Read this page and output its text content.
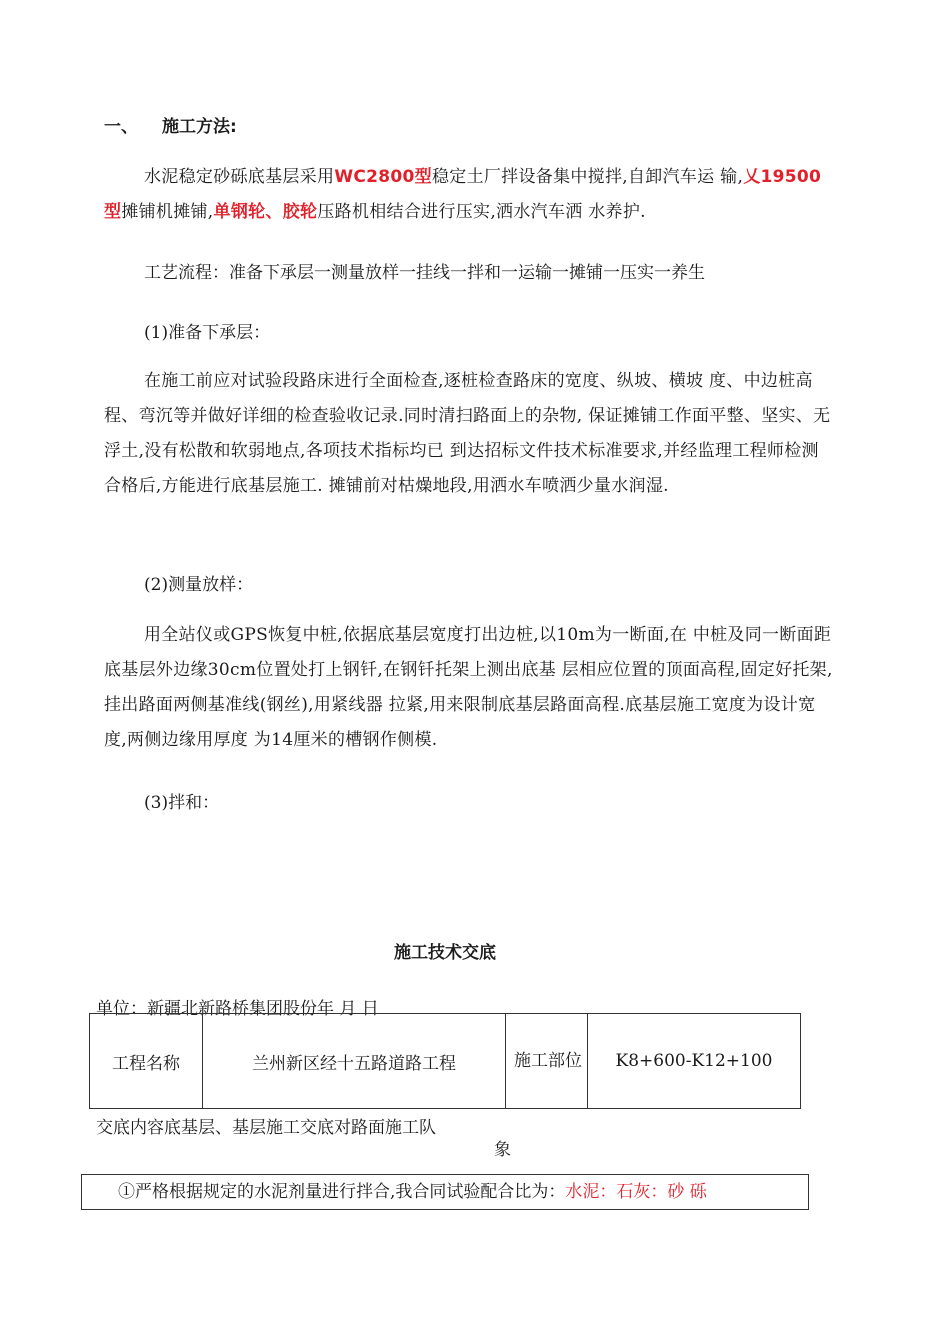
一、 施工方法:
水泥稳定砂砾底基层采用WC2800型稳定土厂拌设备集中搅拌,自卸汽车运 输,乂19500型摊铺机摊铺,单钢轮、胶轮压路机相结合进行压实,洒水汽车洒 水养护.
工艺流程：准备下承层一测量放样一挂线一拌和一运输一摊铺一压实一养生
(1)准备下承层：
在施工前应对试验段路床进行全面检查,逐桩检查路床的宽度、纵坡、横坡 度、中边桩高程、弯沉等并做好详细的检查验收记录.同时清扫路面上的杂物, 保证摊铺工作面平整、坚实、无浮土,没有松散和软弱地点,各项技术指标均已 到达招标文件技术标准要求,并经监理工程师检测合格后,方能进行底基层施工. 摊铺前对枯燥地段,用洒水车喷洒少量水润湿.
(2)测量放样：
用全站仪或GPS恢复中桩,依据底基层宽度打出边桩,以10m为一断面,在 中桩及同一断面距底基层外边缘30cm位置处打上钢钎,在钢钎托架上测出底基 层相应位置的顶面高程,固定好托架,挂出路面两侧基准线(钢丝),用紧线器 拉紧,用来限制底基层路面高程.底基层施工宽度为设计宽度,两侧边缘用厚度 为14厘米的槽钢作侧模.
(3)拌和：
施工技术交底
单位：新疆北新路桥集团股份年 月 日
工程名称	兰州新区经十五路道路工程	施工部位	K8+600-K12+100
交底内容底基层、基层施工交底对路面施工队
象
①严格根据规定的水泥剂量进行拌合,我合同试验配合比为：水泥：石灰：砂 砾
